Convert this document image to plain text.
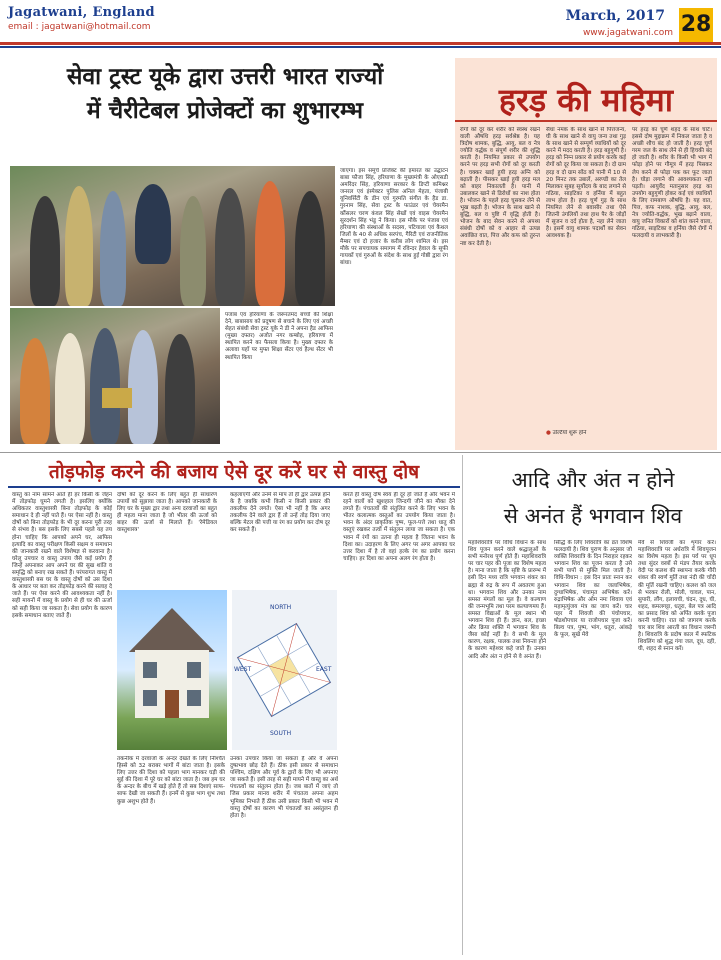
Jagatwani, England
email : jagatwani@hotmail.com
March, 2017
www.jagatwani.com 28
सेवा ट्रस्ट यूके द्वारा उत्तरी भारत राज्यों
में चैरीटेबल प्रोजेक्टों का शुभारम्भ
पंजाब एवं हरियाणा के जरूरतमंद बच्चों की शिक्षा देने, बाबासाय को प्रदूषण से बचाने के लिए एवं अच्छी सेहत संबंधी सेवा ट्रस्ट यूके ने डी ने अपना हैड आफिस (मुख्य दफ्तर) अजोत नगर कम्बोह, हरियाणा में स्थापित करने का फैसला किया है। मुख्य दफ्तर के अलावा यहाँ पर मुफ्त शिक्षा सेंटर एवं हैल्थ सेंटर भी स्थापित किया
जाएगा। इस समूचे प्रोजेक्ट की इमारत का उद्घाटन बाबा फौजा सिंह, हरियाणा के मुख्यमंत्री के ओएसडी अमरिंदर सिंह, हरियाणा सरकार के डिप्टी कमिश्नर जनरल एवं इंस्पेक्टर पुलिस अनिल मेहता, पंजाबी यूनिवर्सिटी के डीन एवं गुरमति संगीत के हैड डा. गुरनाम सिंह, सेवा ट्रस्ट के फाउंडर एवं चेयरमैन कौंसलर चरण कंवल सिंह सेखों एवं वाइस चेयरमैन सुरदर्शन सिंह भंडू ने किया। इस मौके पर पंजाब एवं हरियाणा की संस्थाओं के सदस्य, पटियाला एवं कैथल जिलों के 40 से अधिक सरपंच, गैरिटी एवं राजनीतिक मैम्बर एवं दो हजार के करीब लोग शामिल थे। इस मौके पर सपचायक समागम में रविन्दर हेवाल के सूफी गायकों एवं गुरुओं के संदेश के साथ हुई गोष्ठी द्वारा रंग बांधा।
हरड़ की महिमा
रोगों को दूर कर शरीर को स्वस्थ रखने वाली औषधि हरड़ सर्वश्रेष्ठ है। यह त्रिदोष शामक, बुद्धि, आयु, बल व नेत्र ज्योति वर्द्धक व संपूर्ण शरीर की शुद्धि करती है। नियमित प्रकार से उपयोग करने पर हरड़ सभी रोगों को दूर करती है। चक्कर खाई हुयी हरड़ अग्नि को बढ़ाती है। पीसकर खाई हुयी हरड़ मल को बाहर निकालती है। पानी में उबालकर खाने से डिरोधों का नाश होता है। भोजन के पहले हरड़ चूसकर लेने से भूख बढ़ती है। भोजन के साथ खाने से बुद्धि, बल व पुष्टि में वृद्धि होती है। भोजन के बाद सेवन करने से अपथ्य संबंधी दोषों को व आहार से उत्पन्न अवांछित वात, पित्त और कफ को तुरन्त नष्ट कर देती है।
सैंधा नमक के साथ खाने से पित्तजन्य, घी के साथ खाने से वायु जन्य तथा गुड़ के साथ खाने से सम्पूर्ण व्याधियों को दूर करने में मदद करती है। हरड़ बहुगुणी है। हरड़ को निम्न प्रकार से प्रयोग करके कई रोगों को दूर किया जा सकता है। दो ग्राम हरड़ व दो ग्राम सोंठ को पानी में 10 से 20 मिनट तक उबालें, अरण्डी का तेल मिलाकर सुबह सूर्योदय के बाद लगाने से गठिया, साइटिका व हर्निया में बहुत लाभ होता है। हरड़ चूर्ण गुड़ के साथ नियमित लेने से बवासीर तथा ऐसे जितनी उंगलियों तथा हाथ पैर के जोड़ों में सूजन व दर्द होता है, नहा लेने जाता है। इसमें वायु शामक पदार्थों का सेवन आवश्यक है।
● उल्टियाँ शुरू होने
पर हरड़ का चूर्ण शहद के साथ चाटें। इससे दोष मुद्दाक्रम में निकल जाता है व अच्छी शौच बंद हो जाती है। हरड़ चूर्ण गरम जल के साथ लेने से ही हिचकी बंद हो जाती है। शरीर के किसी भी भाग में फोड़ा होने पर गौमूत्र में हरड़ पिसकर लेप करने से फोड़ा पक कर फूट जाता है। घोड़ा लगाने की आवश्यकता नहीं पड़ती। आयुर्वेद मतानुसार हरड़ का उपयोग बहुगुणी होकर कई एवं व्याधियों के लिए रामबाण औषधि है। यह वात, पित्त, कफ नाशक, बुद्धि, आयु, बल, नेत्र ज्योति-वर्द्धक, भूख बढ़ाने वाला, वायु जनित विकारों को शांत करने वाला, गठिया, साइटिका व हर्निया जैसे रोगों में फलदायी व लाभकारी है।
तोड़फोड़ करने की बजाय ऐसे दूर करें घर से वास्तु दोष
वास्तु का नाम सामने आते ही हर किसी के जेहन में तोड़फोड़ घूमने लगती है। इसलिए क्योंकि अधिकतर वास्तुशास्त्री बिना तोड़फोड़ के कोई समाधान दे ही नहीं पाते हैं। पर ऐसा नहीं है। वास्तु दोषों को बिना तोड़फोड़ के भी दूर करना पूरी तरह से संभव है। बस इसके लिए सबसे पहले यह तय होना चाहिए कि आपको अपने घर, आफिस इत्यादि का वास्तु परीक्षण किसी सक्षम व समाधान की जानकारी रखने वाले विशेषज्ञ से करवाना है। घरेलू उपचार व वास्तु उपाय जैसे कई प्रयोग हैं जिन्हें अपनाकर आप अपने घर की सुख शांति व समृद्धि को बनाए रख सकते हैं। परंपरागत वास्तु में वास्तुशास्त्री बस घर के वास्तु दोषों को उस दिशा के आधार पर बता कर तोड़फोड़ करने की सलाह दे जाते हैं। पर ऐसा करने की आवश्यकता नहीं है। सही मायनों में वास्तु के प्रयोग से ही घर की ऊर्जा को सही किया जा सकता है। सेवा प्रयोग के कारण इसके समाधान बताए जाते हैं।
दोषों को दूर करने के लिए बहुत ही साधारण उपायों को सुझाया जाता है। आपको जानकारी के लिए घर के मुख्य द्वार तथा अन्य दरवाजों का बहुत ही महत्व माना जाता है जो भीतर की ऊर्जा को बाहर की ऊर्जा से मिलाते हैं। 'रेमेडियल वास्तुशास्त्र'
कहलाएगी और उनमें से माप तो ही द्वार उत्पन्न होने के है जबकि कभी किसी न किसी प्रकार की तकलीफ देने लगते। ऐसा भी नहीं है कि अगर तकलीफ देने वाले द्वार हैं तो उन्हें तोड़ दिया जाए बल्कि मेटल की पत्ती या रंग का प्रयोग कर दोष दूर कर सकते हैं।
करते ही वास्तु दोष स्वयं ही दूर हो जाते हैं और भवन में रहने वालों को खुशहाल जिन्दगी जीने का मौका देने लगते हैं। पंचतत्वों की संतुलित करने के लिए भवन के भीतर कलात्मक वस्तुओं का उपयोग किया जाता है। भवन के अंदर प्राकृतिक पुष्प, फूल-पत्ते तथा धातु की वस्तुएं रखकर तत्वों में संतुलन लाया जा सकता है। एक भवन में रंगों का उतना ही महत्व है जितना भवन के दिशा का। उदाहरण के लिए अगर पर अगर आपका घर उत्तर दिशा में है तो वहां हल्के रंग का प्रयोग करना चाहिए। हर दिशा का अपना अलग रंग होता है।
NORTH
SOUTH
EAST
WEST
तकनीक में दरवाजों के अन्दर देखते के लिए निश्चित हिस्से को 32 बराबर भागों में बांटा जाता है। इसके लिए उत्तर की दिशा को पहला भाग मानकर घड़ी की सुई की दिशा में पूरे घर को बांटा जाता है। जब हम घर के अन्दर के बीच में खड़े होते हैं तो सब दिशाएं साफ-साफ देखी जा सकती हैं। इनमें से कुछ भाग शुभ तथा कुछ अशुभ होते हैं।
उनका उपचार किया जा सकता है और वे अपना दुष्प्रभाव छोड़ देते हैं। ठीक इसी प्रकार से समाधान पश्चिम, दक्षिण और पूर्व के द्वारों के लिए भी अपनाए जा सकते हैं। इसी तरह से सही मायने में वास्तु का अर्थ पंचतत्वों का संतुलन होता है। जब बातों में जाएं तो जिस प्रकार मानव शरीर में पंचतत्व अपना अहम भूमिका निभाते हैं ठीक उसी प्रकार किसी भी भवन में वास्तु दोषों का कारण भी पंचतत्वों का असंतुलन ही होता है।
आदि और अंत न होने
से अनंत हैं भगवान शिव
महाशिवरात्रि पर विधि विधान के साथ शिव पूजन करने वाले श्रद्धालुओं के सभी मनोरथ पूर्ण होते हैं। महाशिवरात्रि पर चार पहर की पूजा का विशेष महत्व है। माना जाता है कि सृष्टि के प्रारम्भ में इसी दिन मध्य रात्रि भगवान शंकर का ब्रह्मा से रुद्र के रूप में अवतरण हुआ था। भगवान शिव और उनका नाम समस्त मंगलों का मूल है। वे कल्याण की जन्मभूमि तथा परम कल्याणमय हैं। समस्त विद्याओं के मूल स्थान भी भगवान शिव ही हैं। ज्ञान, बल, इच्छा और क्रिया शक्ति में भगवान शिव के जैसा कोई नहीं है। वे सभी के मूल कारण, रक्षक, पालक तथा नियन्ता होने के कारण महेश्वर कहे जाते हैं। उनका आदि और अंत न होने से वे अनंत हैं।
सिद्धि के लिए शिवरात्रि का व्रत विशेष फलदायी है। शिव पुराण के अनुसार जो व्यक्ति शिवरात्रि के दिन निराहार रहकर भगवान शिव का पूजन करता है उसे सभी पापों से मुक्ति मिल जाती है। विधि-विधान : इस दिन प्रातः स्नान कर भगवान शिव का जलाभिषेक, दुग्धाभिषेक, पंचामृत अभिषेक करें। रुद्राभिषेक और ओम नमः शिवाय एवं महामृत्युंजय मंत्र का जाप करें। चार पहर में शिवजी की पंचोपचार, षोडशोपचार या राजोपचार पूजा करें। बिल्व पत्र, पुष्प, भांग, धतूरा, आंकड़े के फूल, सूखे मेवे
मेवे से शिवजी का शृंगार करें। महाशिवरात्रि पर अर्धरात्रि में शिवपूजन का विशेष महत्व है। इस पर्व पर धूप तथा सुंदर वस्त्रों से मंडप तैयार करके वेदी पर कलश की स्थापना करके गौरी शंकर की स्वर्ण मूर्ति तथा नंदी की चाँदी की मूर्ति रखनी चाहिए। कलश को जल से भरकर रोली, मोली, चावल, पान, सुपारी, लौंग, इलायची, चंदन, दूध, घी, शहद, कमलगट्टा, धतूरा, बेल पत्र आदि का प्रसाद शिव को अर्पित करके पूजा करनी चाहिए। रात को जागरण करके चार बार शिव आरती का विधान जरूरी है। शिवरात्रि के प्रदोष काल में स्फटिक शिवलिंग को शुद्ध गंगा जल, दूध, दही, घी, शहद से स्नान करें।
